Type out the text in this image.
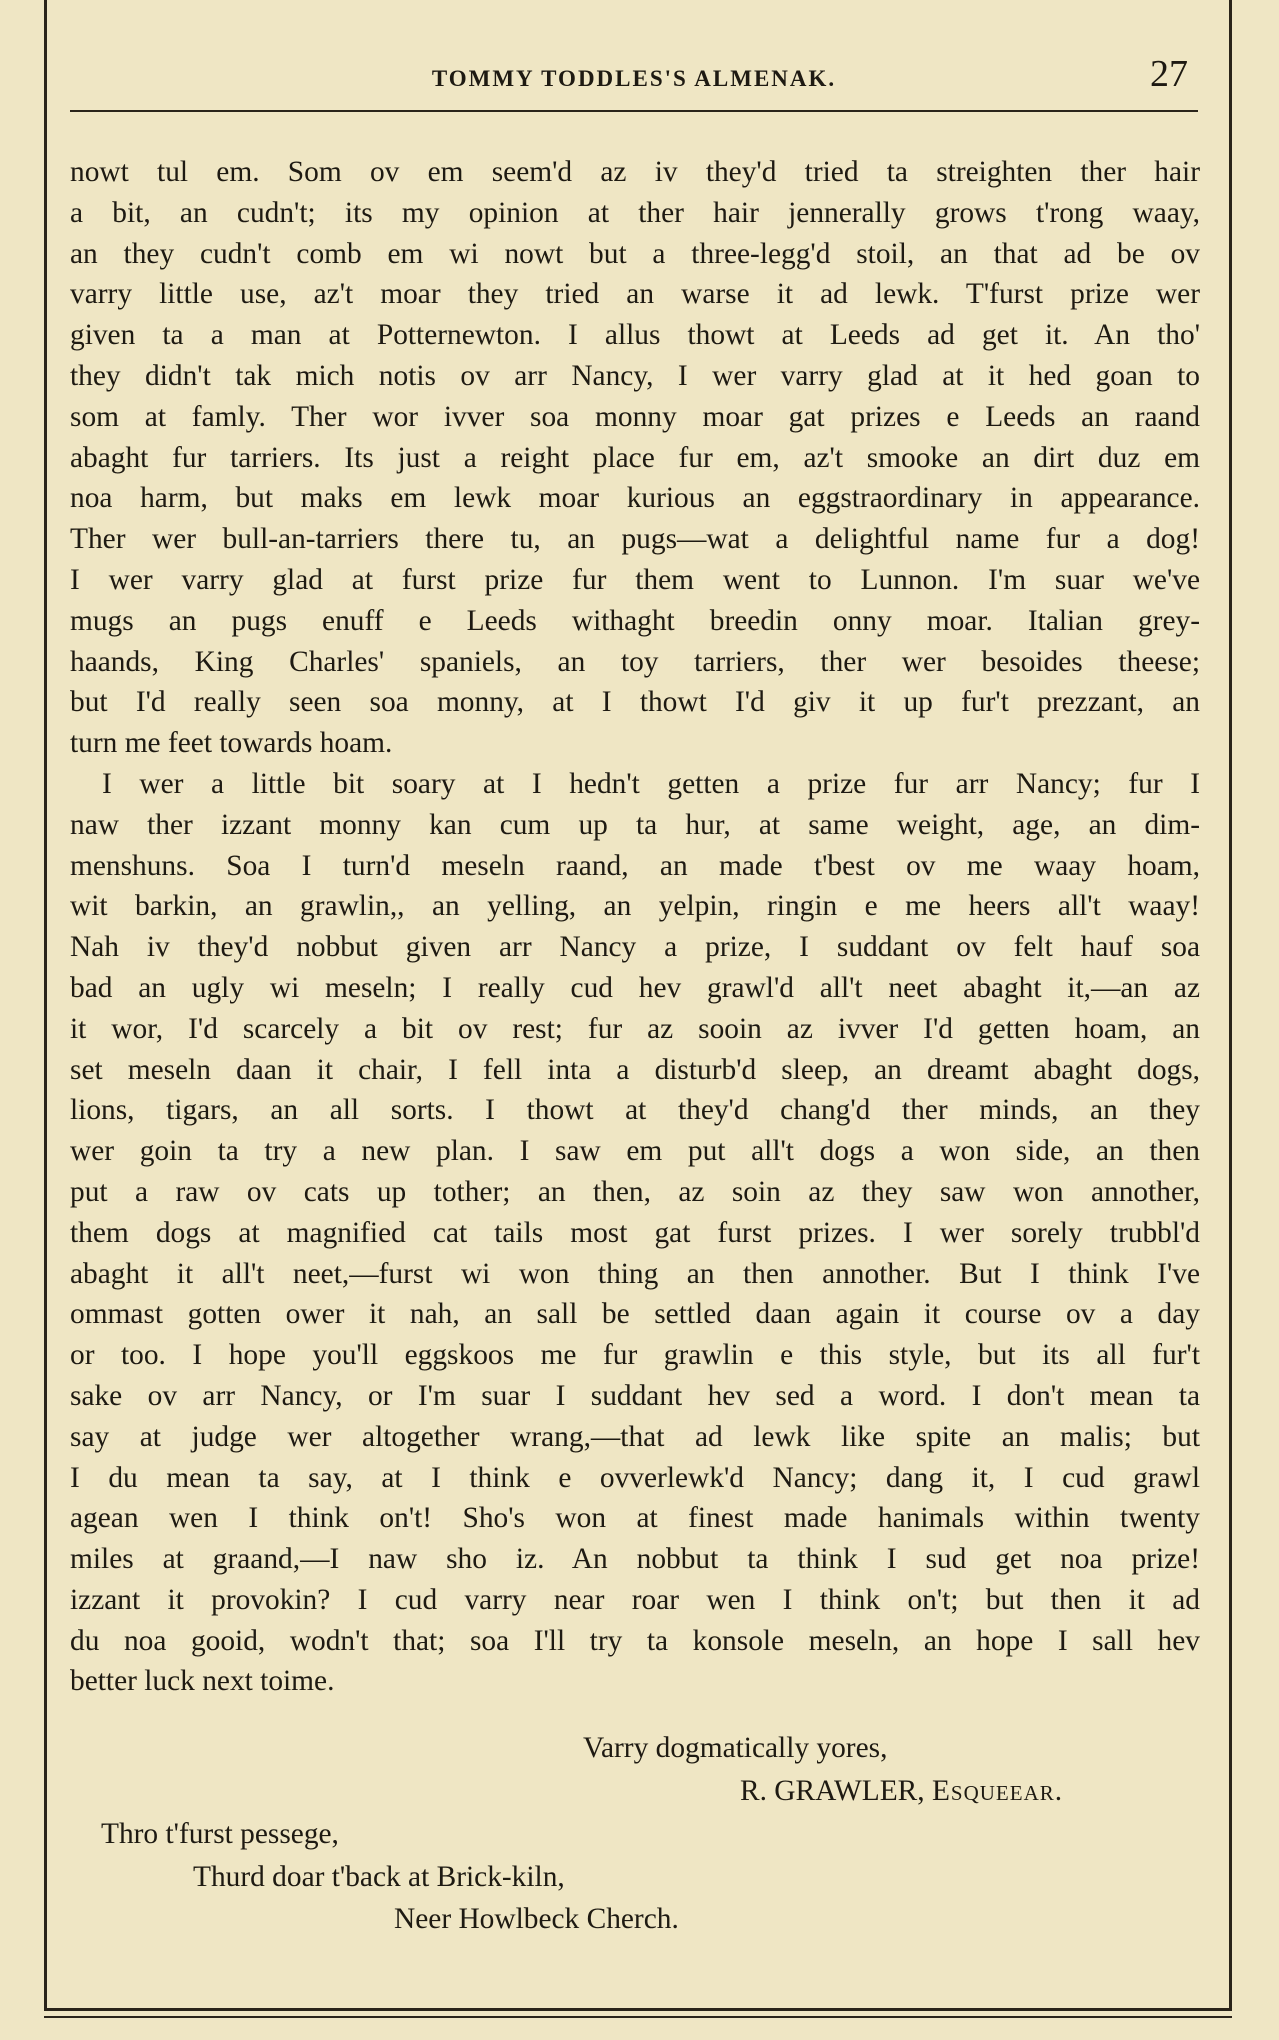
TOMMY TODDLES'S ALMENAK.	27
nowt tul em. Som ov em seem'd az iv they'd tried ta streighten ther hair
a bit, an cudn't; its my opinion at ther hair jennerally grows t'rong waay,
an they cudn't comb em wi nowt but a three-legg'd stoil, an that ad be ov
varry little use, az't moar they tried an warse it ad lewk. T'furst prize wer
given ta a man at Potternewton. I allus thowt at Leeds ad get it. An tho'
they didn't tak mich notis ov arr Nancy, I wer varry glad at it hed goan to
som at famly. Ther wor ivver soa monny moar gat prizes e Leeds an raand
abaght fur tarriers. Its just a reight place fur em, az't smooke an dirt duz em
noa harm, but maks em lewk moar kurious an eggstraordinary in appearance.
Ther wer bull-an-tarriers there tu, an pugs—wat a delightful name fur a dog!
I wer varry glad at furst prize fur them went to Lunnon. I'm suar we've
mugs an pugs enuff e Leeds withaght breedin onny moar. Italian grey-
haands, King Charles' spaniels, an toy tarriers, ther wer besoides theese;
but I'd really seen soa monny, at I thowt I'd giv it up fur't prezzant, an
turn me feet towards hoam.
I wer a little bit soary at I hedn't getten a prize fur arr Nancy; fur I
naw ther izzant monny kan cum up ta hur, at same weight, age, an dim-
menshuns. Soa I turn'd meseln raand, an made t'best ov me waay hoam,
wit barkin, an grawlin,, an yelling, an yelpin, ringin e me heers all't waay!
Nah iv they'd nobbut given arr Nancy a prize, I suddant ov felt hauf soa
bad an ugly wi meseln; I really cud hev grawl'd all't neet abaght it,—an az
it wor, I'd scarcely a bit ov rest; fur az sooin az ivver I'd getten hoam, an
set meseln daan it chair, I fell inta a disturb'd sleep, an dreamt abaght dogs,
lions, tigars, an all sorts. I thowt at they'd chang'd ther minds, an they
wer goin ta try a new plan. I saw em put all't dogs a won side, an then
put a raw ov cats up tother; an then, az soin az they saw won annother,
them dogs at magnified cat tails most gat furst prizes. I wer sorely trubbl'd
abaght it all't neet,—furst wi won thing an then annother. But I think I've
ommast gotten ower it nah, an sall be settled daan again it course ov a day
or too. I hope you'll eggskoos me fur grawlin e this style, but its all fur't
sake ov arr Nancy, or I'm suar I suddant hev sed a word. I don't mean ta
say at judge wer altogether wrang,—that ad lewk like spite an malis; but
I du mean ta say, at I think e ovverlewk'd Nancy; dang it, I cud grawl
agean wen I think on't! Sho's won at finest made hanimals within twenty
miles at graand,—I naw sho iz. An nobbut ta think I sud get noa prize!
izzant it provokin? I cud varry near roar wen I think on't; but then it ad
du noa gooid, wodn't that; soa I'll try ta konsole meseln, an hope I sall hev
better luck next toime.
Varry dogmatically yores,
R. GRAWLER, Esqueear.
Thro t'furst pessege,
Thurd doar t'back at Brick-kiln,
Neer Howlbeck Cherch.
